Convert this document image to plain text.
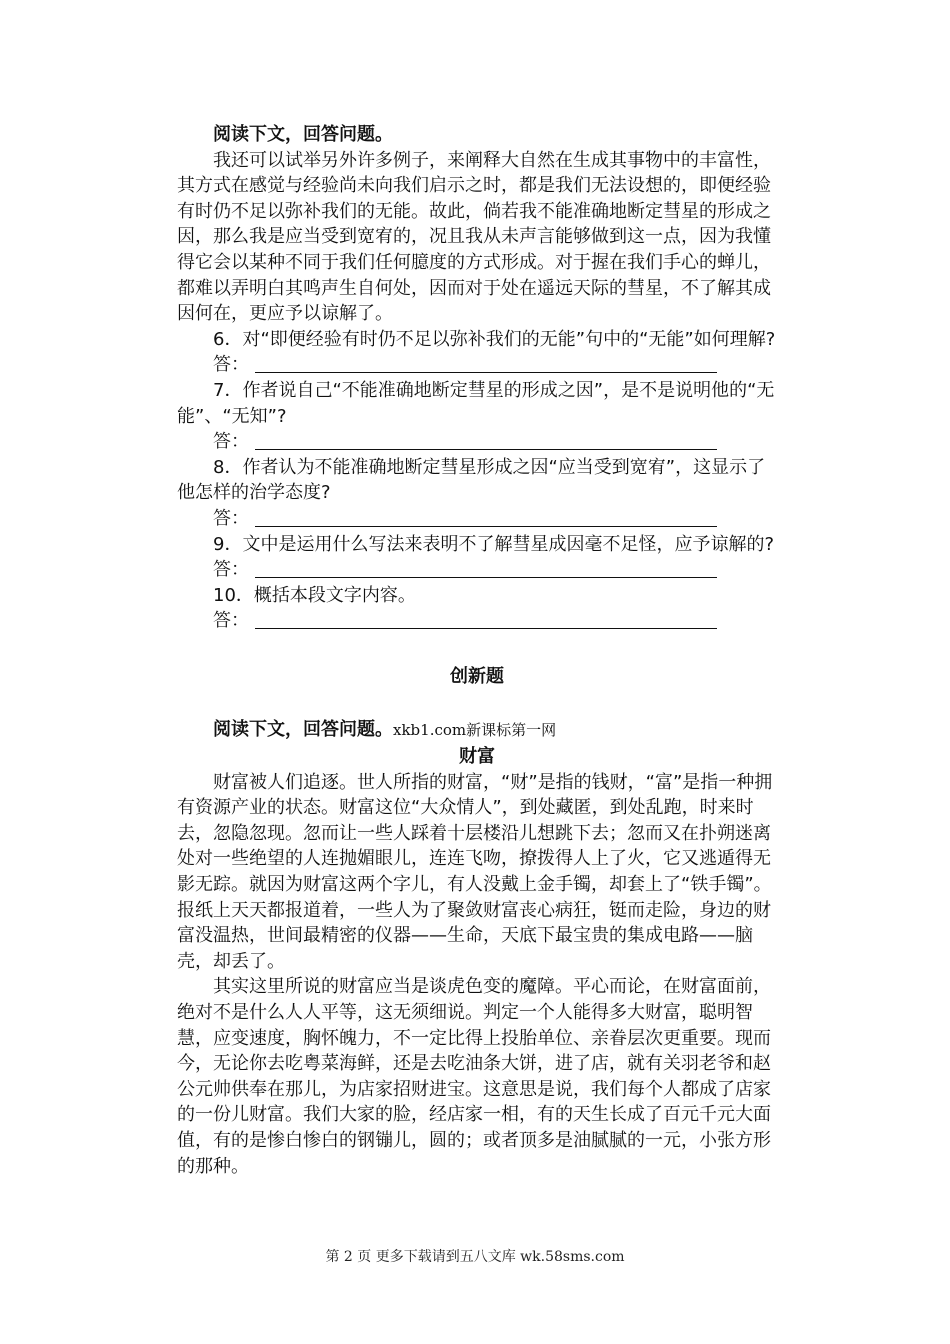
阅读下文，回答问题。

我还可以试举另外许多例子，来阐释大自然在生成其事物中的丰富性，其方式在感觉与经验尚未向我们启示之时，都是我们无法设想的，即便经验有时仍不足以弥补我们的无能。故此，倘若我不能准确地断定彗星的形成之因，那么我是应当受到宽宥的，况且我从未声言能够做到这一点，因为我懂得它会以某种不同于我们任何臆度的方式形成。对于握在我们手心的蝉儿，都难以弄明白其鸣声生自何处，因而对于处在遥远天际的彗星，不了解其成因何在，更应予以谅解了。

6．对“即便经验有时仍不足以弥补我们的无能”句中的“无能”如何理解?

答：

7．作者说自己“不能准确地断定彗星的形成之因”，是不是说明他的“无能”、“无知”?

答：

8．作者认为不能准确地断定彗星形成之因“应当受到宽宥”，这显示了他怎样的治学态度?

答：

9．文中是运用什么写法来表明不了解彗星成因毫不足怪，应予谅解的?

答：

10．概括本段文字内容。

答：

创新题

阅读下文，回答问题。xkb1.com新课标第一网

财富

财富被人们追逐。世人所指的财富，“财”是指的钱财，“富”是指一种拥有资源产业的状态。财富这位“大众情人”，到处藏匿，到处乱跑，时来时去，忽隐忽现。忽而让一些人踩着十层楼沿儿想跳下去；忽而又在扑朔迷离处对一些绝望的人连抛媚眼儿，连连飞吻，撩拨得人上了火，它又逃遁得无影无踪。就因为财富这两个字儿，有人没戴上金手镯，却套上了“铁手镯”。报纸上天天都报道着，一些人为了聚敛财富丧心病狂，铤而走险，身边的财富没温热，世间最精密的仪器——生命，天底下最宝贵的集成电路——脑壳，却丢了。

其实这里所说的财富应当是谈虎色变的魔障。平心而论，在财富面前，绝对不是什么人人平等，这无须细说。判定一个人能得多大财富，聪明智慧，应变速度，胸怀魄力，不一定比得上投胎单位、亲眷层次更重要。现而今，无论你去吃粤菜海鲜，还是去吃油条大饼，进了店，就有关羽老爷和赵公元帅供奉在那儿，为店家招财进宝。这意思是说，我们每个人都成了店家的一份儿财富。我们大家的脸，经店家一相，有的天生长成了百元千元大面值，有的是惨白惨白的钢镚儿，圆的；或者顶多是油腻腻的一元，小张方形的那种。

第 2 页 更多下载请到五八文库 wk.58sms.com
